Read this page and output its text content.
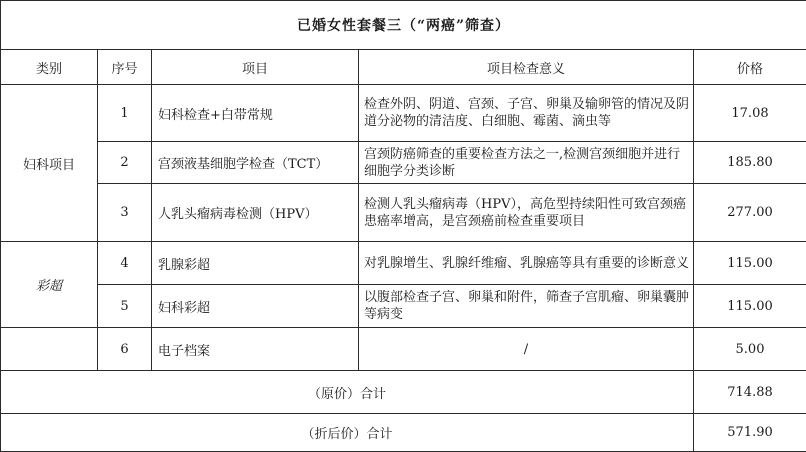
已婚女性套餐三（“两癌”筛查）				
类别	序号	项目	项目检查意义	价格
妇科项目	1	妇科检查+白带常规	检查外阴、阴道、宫颈、子宫、卵巢及输卵管的情况及阴道分泌物的清洁度、白细胞、霉菌、滴虫等	17.08
	2	宫颈液基细胞学检查（TCT）	宫颈防癌筛查的重要检查方法之一,检测宫颈细胞并进行细胞学分类诊断	185.80
	3	人乳头瘤病毒检测（HPV）	检测人乳头瘤病毒（HPV），高危型持续阳性可致宫颈癌患癌率增高，是宫颈癌前检查重要项目	277.00
彩超	4	乳腺彩超	对乳腺增生、乳腺纤维瘤、乳腺癌等具有重要的诊断意义	115.00
	5	妇科彩超	以腹部检查子宫、卵巢和附件，筛查子宫肌瘤、卵巢囊肿等病变	115.00
	6	电子档案	/	5.00
（原价）合计				714.88
（折后价）合计				571.90
